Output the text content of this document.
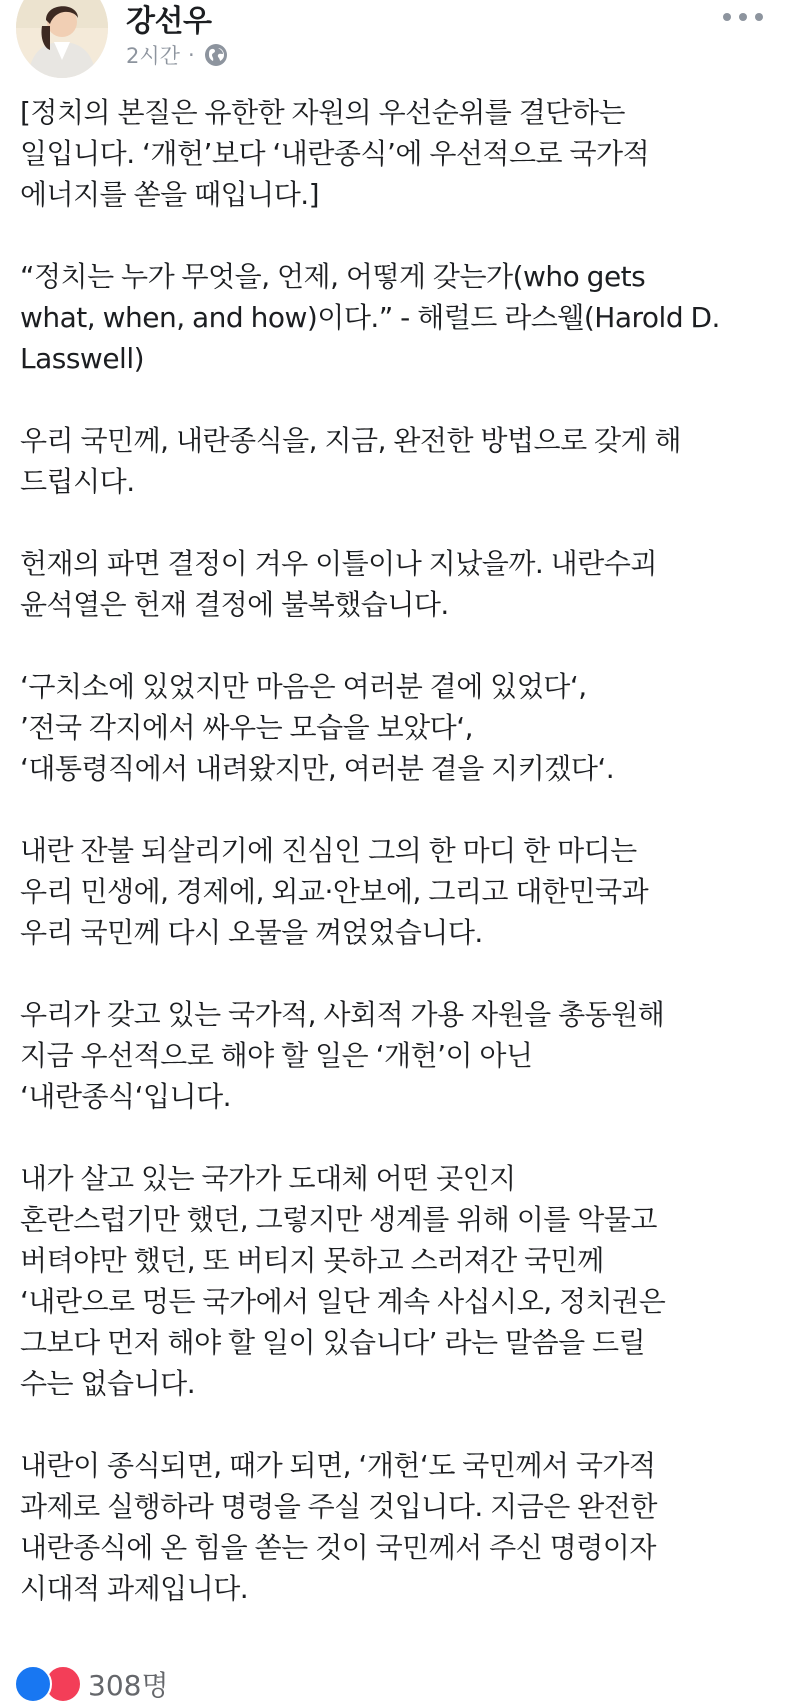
강선우
2시간 ·

[정치의 본질은 유한한 자원의 우선순위를 결단하는
일입니다. ‘개헌’보다 ‘내란종식’에 우선적으로 국가적
에너지를 쏟을 때입니다.]

“정치는 누가 무엇을, 언제, 어떻게 갖는가(who gets
what, when, and how)이다.” - 해럴드 라스웰(Harold D.
Lasswell)

우리 국민께, 내란종식을, 지금, 완전한 방법으로 갖게 해
드립시다.

헌재의 파면 결정이 겨우 이틀이나 지났을까. 내란수괴
윤석열은 헌재 결정에 불복했습니다.

‘구치소에 있었지만 마음은 여러분 곁에 있었다‘,
’전국 각지에서 싸우는 모습을 보았다‘,
‘대통령직에서 내려왔지만, 여러분 곁을 지키겠다‘.

내란 잔불 되살리기에 진심인 그의 한 마디 한 마디는
우리 민생에, 경제에, 외교·안보에, 그리고 대한민국과
우리 국민께 다시 오물을 껴얹었습니다.

우리가 갖고 있는 국가적, 사회적 가용 자원을 총동원해
지금 우선적으로 해야 할 일은 ‘개헌’이 아닌
‘내란종식‘입니다.

내가 살고 있는 국가가 도대체 어떤 곳인지
혼란스럽기만 했던, 그렇지만 생계를 위해 이를 악물고
버텨야만 했던, 또 버티지 못하고 스러져간 국민께
‘내란으로 멍든 국가에서 일단 계속 사십시오, 정치권은
그보다 먼저 해야 할 일이 있습니다’ 라는 말씀을 드릴
수는 없습니다.

내란이 종식되면, 때가 되면, ‘개헌‘도 국민께서 국가적
과제로 실행하라 명령을 주실 것입니다. 지금은 완전한
내란종식에 온 힘을 쏟는 것이 국민께서 주신 명령이자
시대적 과제입니다.

308명
